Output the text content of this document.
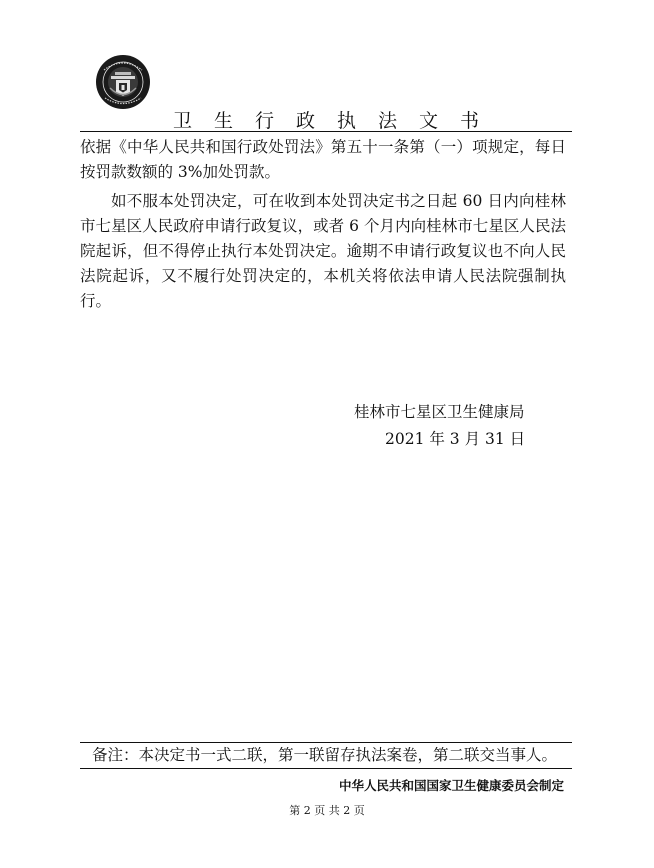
卫生行政执法文书

依据《中华人民共和国行政处罚法》第五十一条第（一）项规定，每日按罚款数额的 3%加处罚款。

如不服本处罚决定，可在收到本处罚决定书之日起 60 日内向桂林市七星区人民政府申请行政复议，或者 6 个月内向桂林市七星区人民法院起诉，但不得停止执行本处罚决定。逾期不申请行政复议也不向人民法院起诉，又不履行处罚决定的，本机关将依法申请人民法院强制执行。

桂林市七星区卫生健康局
2021 年 3 月 31 日
备注：本决定书一式二联，第一联留存执法案卷，第二联交当事人。
中华人民共和国国家卫生健康委员会制定
第 2 页 共 2 页
